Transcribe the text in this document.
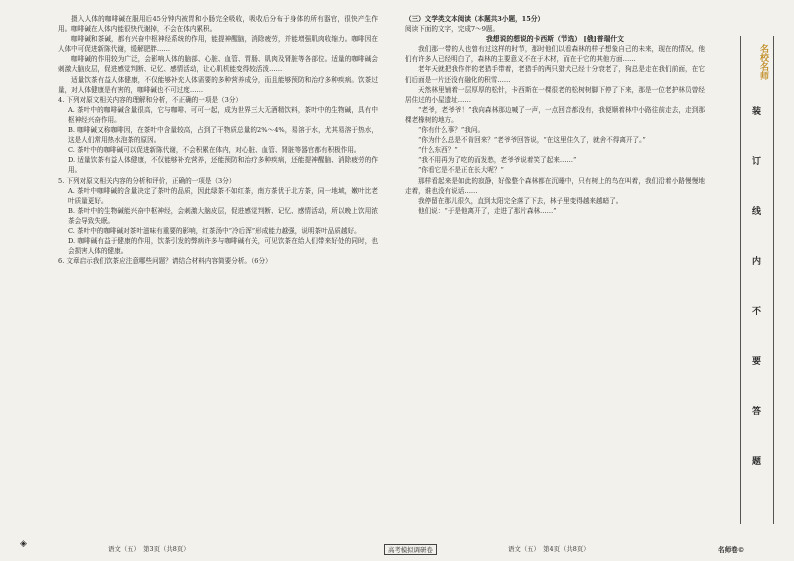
摄入人体的咖啡碱在服用后45分钟内被胃和小肠完全吸收，吸收后分布于身体的所有器官，很快产生作用。咖啡碱在人体内能很快代谢掉，不会在体内累积。

咖啡碱和茶碱，都有兴奋中枢神经系统的作用，能提神醒脑，消除疲劳，并能增强肌肉收缩力。咖啡因在人体中可促进新陈代谢，缓解肥胖……

咖啡碱的作用较为广泛，会影响人体的脑部、心脏、血管、胃肠、肌肉及肾脏等各部位。适量的咖啡碱会刺激大脑皮层，促进感觉判断、记忆、感情活动，让心肌机能变得较活泼……

适量饮茶有益人体健康，不仅能够补充人体需要的多种营养成分，而且能够预防和治疗多种疾病。饮茶过量，对人体健康是有害的，咖啡碱也不可过度……

4. 下列对原文相关内容的理解和分析，不正确的一项是（3分）

A. 茶叶中的咖啡碱含量很高，它与咖啡、可可一起，成为世界三大无酒精饮料，茶叶中的生物碱，具有中枢神经兴奋作用。

B. 咖啡碱又称咖啡因，在茶叶中含量较高，占到了干物质总量的2%～4%，易溶于水，尤其易溶于热水，这是人们常用热水泡茶的原因。

C. 茶叶中的咖啡碱可以促进新陈代谢，不会积累在体内，对心脏、血管、肾脏等器官都有积极作用。

D. 适量饮茶有益人体健康，不仅能够补充营养，还能预防和治疗多种疾病，还能提神醒脑、消除疲劳的作用。

5. 下列对原文相关内容的分析和评价，正确的一项是（3分）

A. 茶叶中咖啡碱的含量决定了茶叶的品质，因此绿茶不如红茶，南方茶优于北方茶，同一地域，嫩叶比老叶质量更好。

B. 茶叶中的生物碱能兴奋中枢神经，会刺激大脑皮层，促进感觉判断、记忆、感情活动，所以晚上饮用浓茶会导致失眠。

C. 茶叶中的咖啡碱对茶叶滋味有重要的影响，红茶汤中“冷后浑”形成能力越强，说明茶叶品质越好。

D. 咖啡碱有益于健康的作用，饮茶引发的弊病许多与咖啡碱有关，可见饮茶在给人们带来好处的同时，也会损害人体的健康。

6. 文章启示我们饮茶应注意哪些问题？请结合材料内容简要分析。（6分）

（三）文学类文本阅读（本题共3小题，15分）

阅读下面的文字，完成7～9题。

我想说的想说的卡西斯（节选） [俄]普瑞什文

我们那一带的人也曾有过这样的时节，那时他们以看森林的样子想象自己的未来，现在的情况，他们有许多人已经明白了，森林的主要意义不在于木材，而在于它的其他方面……

老年天就把我作伴的老猎手带着，老猎手的两只猎犬已经十分衰老了，狗总是走在我们前面，在它们后面是一片还没有融化的积雪……

天然林里铺着一层厚厚的松针，卡西斯在一棵很老的松树树脚下停了下来，那是一位老护林员曾经居住过的小屋遗址……

“老爷，老爷爷！”我向森林那边喊了一声，一点回音都没有，我便顺着林中小路往前走去，走到那棵老橡树的地方。

“你有什么事？”我问。

“你为什么总是不肯回来？”老爷爷回答说，“在这里住久了，就舍不得离开了。”

“什么东西？”

“我不用再为了吃的而发愁，老爷爷说着笑了起来……”

“你看它是不是正在长大呢？”

那样看起来是如此的寂静，好像整个森林都在沉睡中，只有树上的鸟在叫着，我们沿着小路慢慢地走着，谁也没有说话……

我停留在那儿很久，直到太阳完全落了下去，林子里变得越来越暗了。

他们说：“于是他离开了，走进了那片森林……”

名校名师
装
订
线
内
不
要
答
题
◈	语文（五）　第3页（共8页）	高考模拟调研卷	语文（五）　第4页（共8页）	名师卷©
